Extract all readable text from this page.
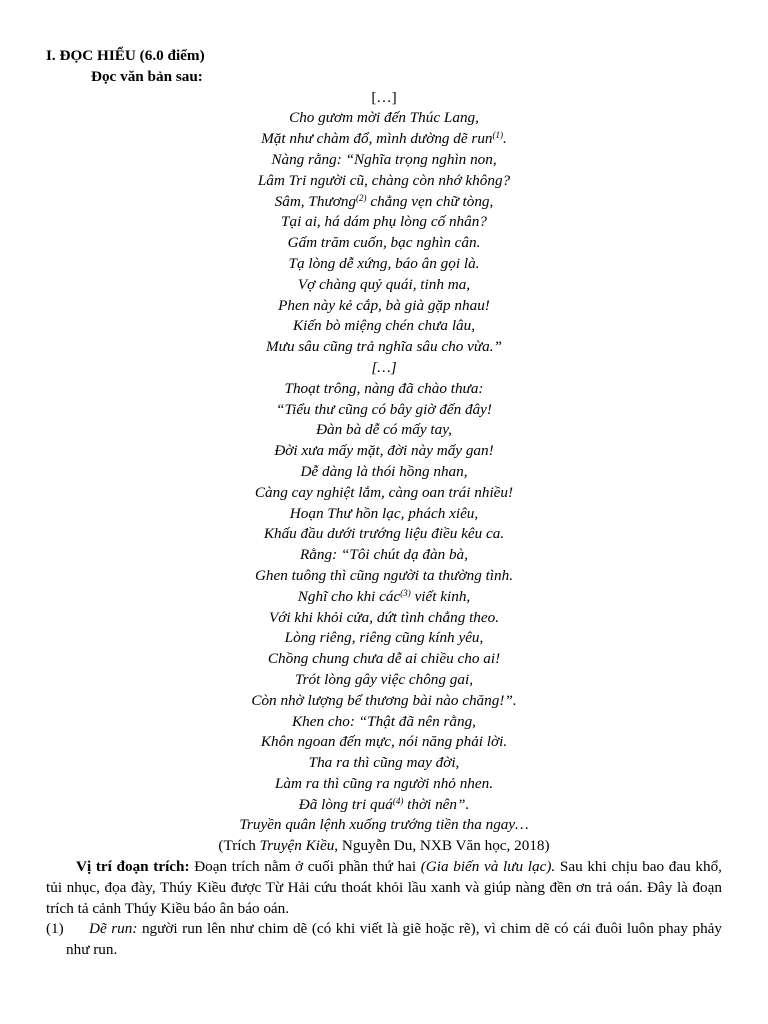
I. ĐỌC HIỂU (6.0 điểm)

Đọc văn bản sau:

[…]
Cho gươm mời đến Thúc Lang,
Mặt như chàm đổ, mình dường dẽ run$^{(1)}$.
Nàng rằng: “Nghĩa trọng nghìn non,
Lâm Tri người cũ, chàng còn nhớ không?
Sâm, Thương$^{(2)}$ chẳng vẹn chữ tòng,
Tại ai, há dám phụ lòng cố nhân?
Gấm trăm cuốn, bạc nghìn cân.
Tạ lòng dễ xứng, báo ân gọi là.
Vợ chàng quỷ quái, tinh ma,
Phen này kẻ cắp, bà già gặp nhau!
Kiến bò miệng chén chưa lâu,
Mưu sâu cũng trả nghĩa sâu cho vừa.”
[…]
Thoạt trông, nàng đã chào thưa:
“Tiểu thư cũng có bây giờ đến đây!
Đàn bà dễ có mấy tay,
Đời xưa mấy mặt, đời này mấy gan!
Dễ dàng là thói hồng nhan,
Càng cay nghiệt lắm, càng oan trái nhiều!
Hoạn Thư hồn lạc, phách xiêu,
Khấu đầu dưới trướng liệu điều kêu ca.
Rằng: “Tôi chút dạ đàn bà,
Ghen tuông thì cũng người ta thường tình.
Nghĩ cho khi các$^{(3)}$ viết kinh,
Với khi khỏi cửa, dứt tình chẳng theo.
Lòng riêng, riêng cũng kính yêu,
Chồng chung chưa dễ ai chiều cho ai!
Trót lòng gây việc chông gai,
Còn nhờ lượng bể thương bài nào chăng!”.
Khen cho: “Thật đã nên rằng,
Khôn ngoan đến mực, nói năng phải lời.
Tha ra thì cũng may đời,
Làm ra thì cũng ra người nhỏ nhen.
Đã lòng tri quá$^{(4)}$ thời nên”.
Truyền quân lệnh xuống trướng tiền tha ngay…

(Trích Truyện Kiều, Nguyễn Du, NXB Văn học, 2018)

Vị trí đoạn trích: Đoạn trích nằm ở cuối phần thứ hai (Gia biến và lưu lạc). Sau khi chịu bao đau khổ, tủi nhục, đọa đày, Thúy Kiều được Từ Hải cứu thoát khỏi lầu xanh và giúp nàng đền ơn trả oán. Đây là đoạn trích tả cảnh Thúy Kiều báo ân báo oán.

(1) Dẽ run: người run lên như chim dẽ (có khi viết là giẽ hoặc rẽ), vì chim dẽ có cái đuôi luôn phay phảy như run.
